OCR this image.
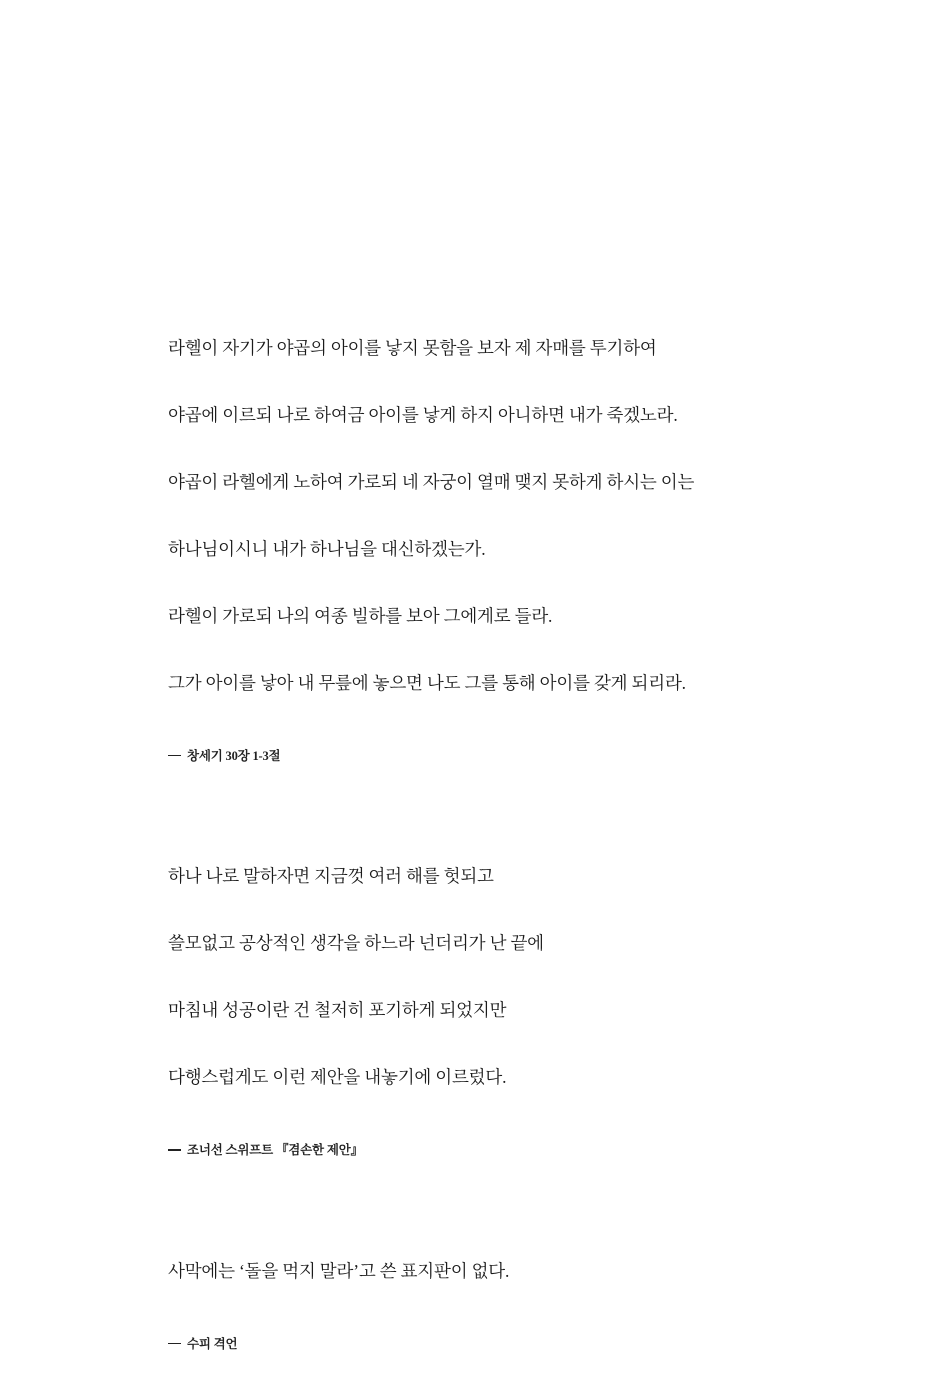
라헬이 자기가 야곱의 아이를 낳지 못함을 보자 제 자매를 투기하여

야곱에 이르되 나로 하여금 아이를 낳게 하지 아니하면 내가 죽겠노라.

야곱이 라헬에게 노하여 가로되 네 자궁이 열매 맺지 못하게 하시는 이는

하나님이시니 내가 하나님을 대신하겠는가.

라헬이 가로되 나의 여종 빌하를 보아 그에게로 들라.

그가 아이를 낳아 내 무릎에 놓으면 나도 그를 통해 아이를 갖게 되리라.

창세기 30장 1-3절

하나 나로 말하자면 지금껏 여러 해를 헛되고

쓸모없고 공상적인 생각을 하느라 넌더리가 난 끝에

마침내 성공이란 건 철저히 포기하게 되었지만

다행스럽게도 이런 제안을 내놓기에 이르렀다.

조너선 스위프트 『겸손한 제안』

사막에는 ‘돌을 먹지 말라’고 쓴 표지판이 없다.

수피 격언
